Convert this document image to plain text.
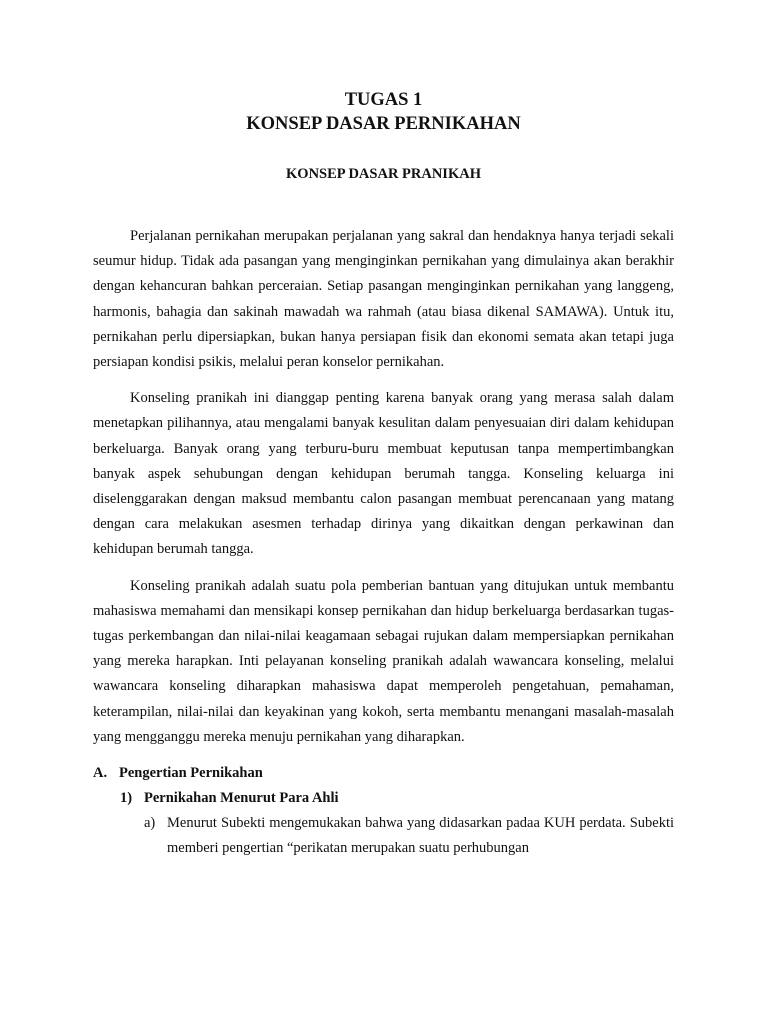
TUGAS 1

KONSEP DASAR PERNIKAHAN

KONSEP DASAR PRANIKAH

Perjalanan pernikahan merupakan perjalanan yang sakral dan hendaknya hanya terjadi sekali seumur hidup. Tidak ada pasangan yang menginginkan pernikahan yang dimulainya akan berakhir dengan kehancuran bahkan perceraian. Setiap pasangan menginginkan pernikahan yang langgeng, harmonis, bahagia dan sakinah mawadah wa rahmah (atau biasa dikenal SAMAWA). Untuk itu, pernikahan perlu dipersiapkan, bukan hanya persiapan fisik dan ekonomi semata akan tetapi juga persiapan kondisi psikis, melalui peran konselor pernikahan.

Konseling pranikah ini dianggap penting karena banyak orang yang merasa salah dalam menetapkan pilihannya, atau mengalami banyak kesulitan dalam penyesuaian diri dalam kehidupan berkeluarga. Banyak orang yang terburu-buru membuat keputusan tanpa mempertimbangkan banyak aspek sehubungan dengan kehidupan berumah tangga. Konseling keluarga ini diselenggarakan dengan maksud membantu calon pasangan membuat perencanaan yang matang dengan cara melakukan asesmen terhadap dirinya yang dikaitkan dengan perkawinan dan kehidupan berumah tangga.

Konseling pranikah adalah suatu pola pemberian bantuan yang ditujukan untuk membantu mahasiswa memahami dan mensikapi konsep pernikahan dan hidup berkeluarga berdasarkan tugas-tugas perkembangan dan nilai-nilai keagamaan sebagai rujukan dalam mempersiapkan pernikahan yang mereka harapkan. Inti pelayanan konseling pranikah adalah wawancara konseling, melalui wawancara konseling diharapkan mahasiswa dapat memperoleh pengetahuan, pemahaman, keterampilan, nilai-nilai dan keyakinan yang kokoh, serta membantu menangani masalah-masalah yang mengganggu mereka menuju pernikahan yang diharapkan.

A. Pengertian Pernikahan
1) Pernikahan Menurut Para Ahli
a) Menurut Subekti mengemukakan bahwa yang didasarkan padaa KUH perdata. Subekti memberi pengertian “perikatan merupakan suatu perhubungan
